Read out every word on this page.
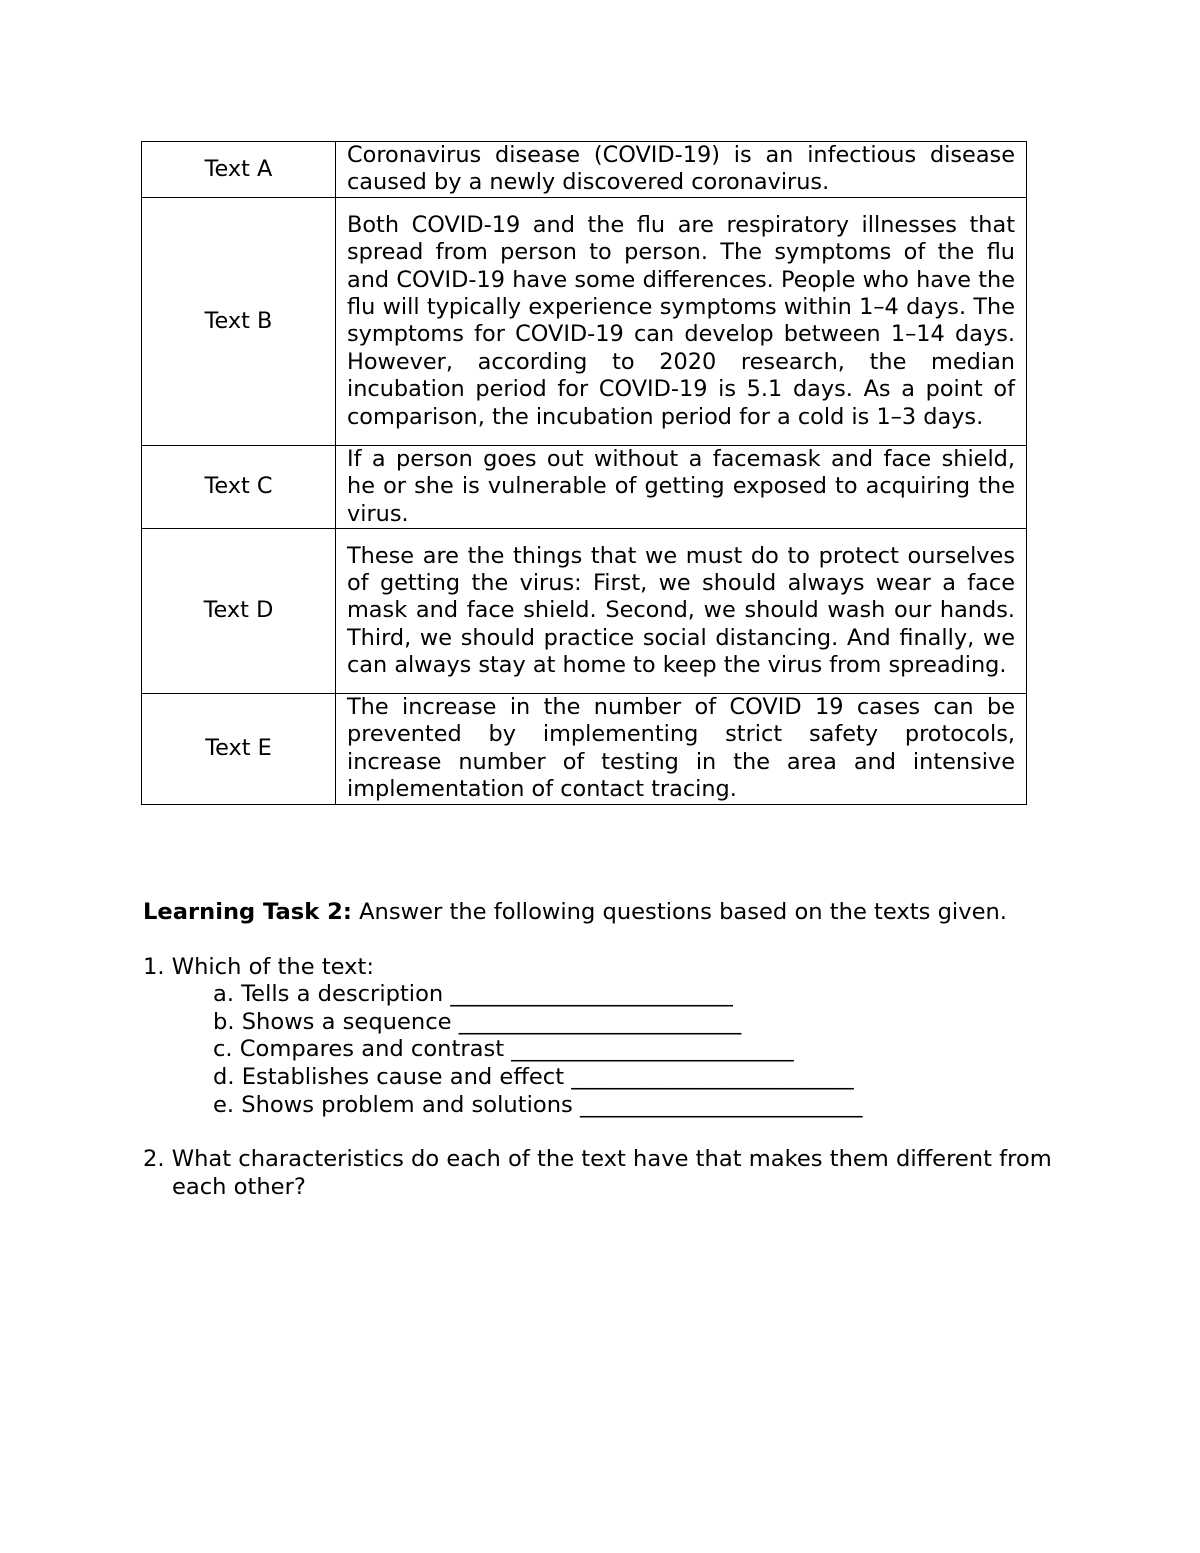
Text A	Coronavirus disease (COVID-19) is an infectious disease caused by a newly discovered coronavirus.
Text B	Both COVID-19 and the flu are respiratory illnesses that spread from person to person. The symptoms of the flu and COVID-19 have some differences. People who have the flu will typically experience symptoms within 1–4 days. The symptoms for COVID-19 can develop between 1–14 days. However, according to 2020 research, the median incubation period for COVID-19 is 5.1 days. As a point of comparison, the incubation period for a cold is 1–3 days.
Text C	If a person goes out without a facemask and face shield, he or she is vulnerable of getting exposed to acquiring the virus.
Text D	These are the things that we must do to protect ourselves of getting the virus: First, we should always wear a face mask and face shield. Second, we should wash our hands. Third, we should practice social distancing. And finally, we can always stay at home to keep the virus from spreading.
Text E	The increase in the number of COVID 19 cases can be prevented by implementing strict safety protocols, increase number of testing in the area and intensive implementation of contact tracing.

Learning Task 2: Answer the following questions based on the texts given.

1. Which of the text:

a. Tells a description _________________________

b. Shows a sequence _________________________

c. Compares and contrast _________________________

d. Establishes cause and effect _________________________

e. Shows problem and solutions _________________________

2. What characteristics do each of the text have that makes them different from

each other?
